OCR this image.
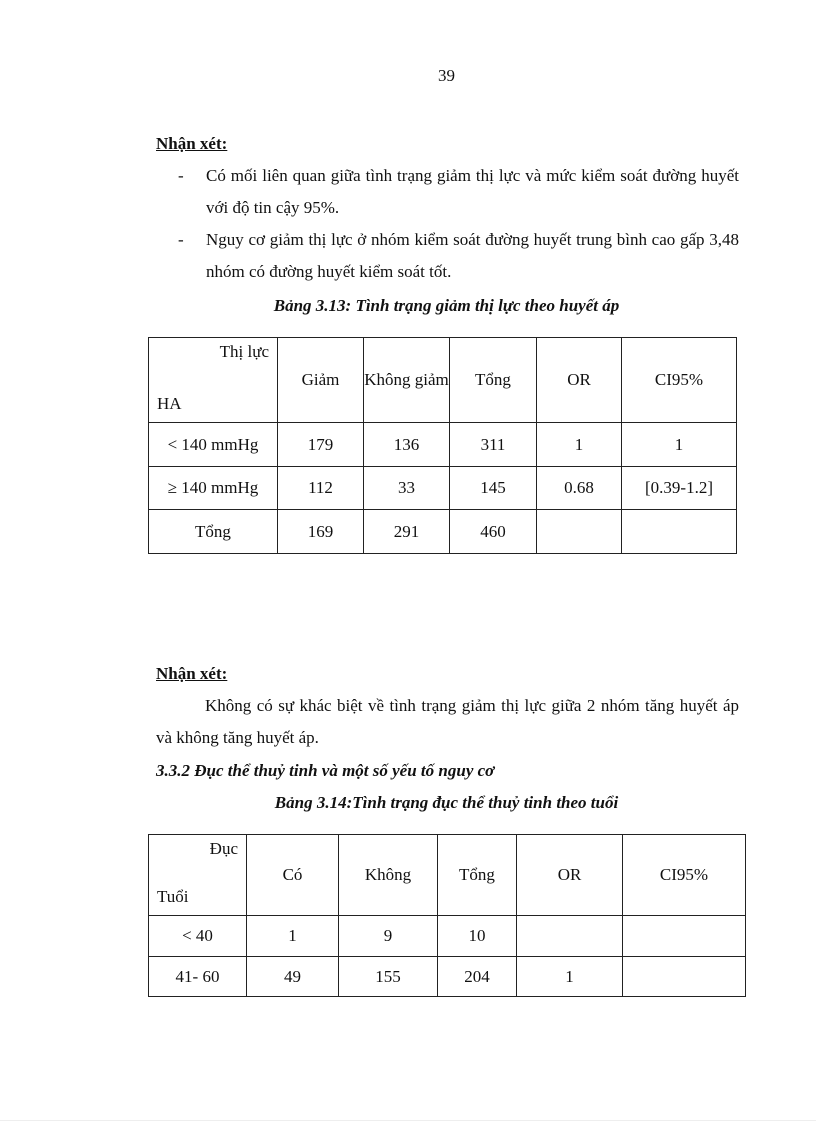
39
Nhận xét:
- Có mối liên quan giữa tình trạng giảm thị lực và mức kiểm soát đường huyết với độ tin cậy 95%.
- Nguy cơ giảm thị lực ở nhóm kiểm soát đường huyết trung bình cao gấp 3,48 nhóm có đường huyết kiểm soát tốt.
Bảng 3.13: Tình trạng giảm thị lực theo huyết áp
Thị lực
HA	Giảm	Không giảm	Tổng	OR	CI95%
< 140 mmHg	179	136	311	1	1
≥ 140 mmHg	112	33	145	0.68	[0.39-1.2]
Tổng	169	291	460		
Nhận xét:
Không có sự khác biệt về tình trạng giảm thị lực giữa 2 nhóm tăng huyết áp và không tăng huyết áp.
3.3.2 Đục thể thuỷ tinh và một số yếu tố nguy cơ
Bảng 3.14:Tình trạng đục thể thuỷ tinh theo tuổi
Đục
Tuổi	Có	Không	Tổng	OR	CI95%
< 40	1	9	10		
41- 60	49	155	204	1	
